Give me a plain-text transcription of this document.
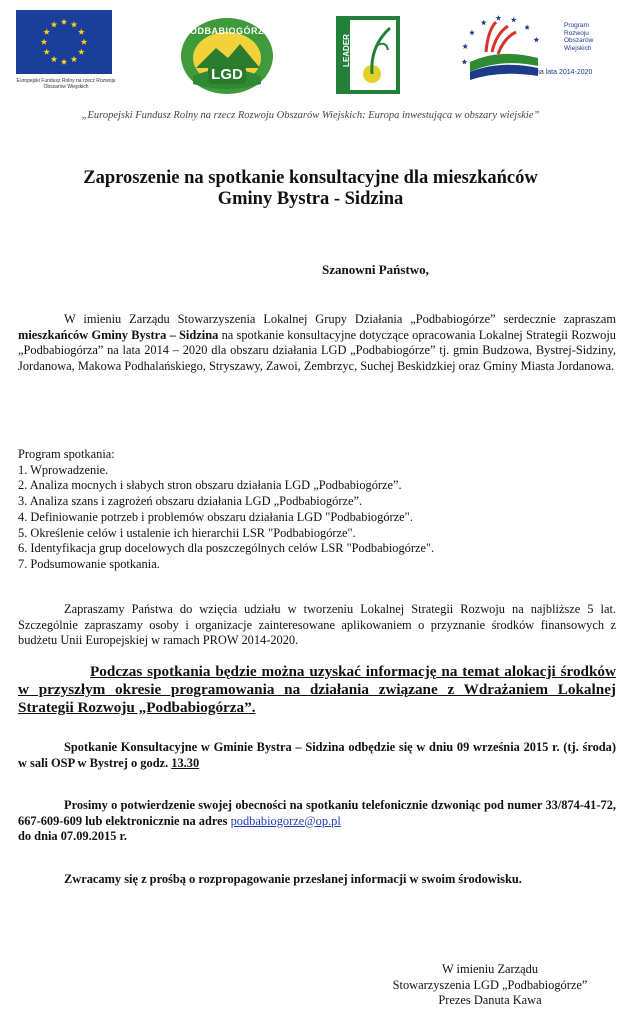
Europejski Fundusz Rolny na rzecz Rozwoju Obszarów Wiejskich
PODBABIOGÓRZE
LGD
LEADER
Program
Rozwoju
Obszarów
Wiejskich
na lata 2014-2020
„Europejski Fundusz Rolny na rzecz Rozwoju Obszarów Wiejskich: Europa inwestująca w obszary wiejskie”
Zaproszenie na spotkanie konsultacyjne dla mieszkańców
Gminy Bystra - Sidzina
Szanowni Państwo,
W imieniu Zarządu Stowarzyszenia Lokalnej Grupy Działania „Podbabiogórze” serdecznie zapraszam mieszkańców Gminy Bystra – Sidzina na spotkanie konsultacyjne dotyczące opracowania Lokalnej Strategii Rozwoju „Podbabiogórza” na lata 2014 – 2020 dla obszaru działania LGD „Podbabiogórze” tj. gmin Budzowa, Bystrej-Sidziny, Jordanowa, Makowa Podhalańskiego, Stryszawy, Zawoi, Zembrzyc, Suchej Beskidzkiej oraz Gminy Miasta Jordanowa.
Program spotkania:
1. Wprowadzenie.
2. Analiza mocnych i słabych stron obszaru działania LGD „Podbabiogórze”.
3. Analiza szans i zagrożeń obszaru działania LGD „Podbabiogórze”.
4. Definiowanie potrzeb i problemów obszaru działania LGD "Podbabiogórze".
5. Określenie celów i ustalenie ich hierarchii LSR "Podbabiogórze".
6. Identyfikacja grup docelowych dla poszczególnych celów LSR "Podbabiogórze".
7. Podsumowanie spotkania.
Zapraszamy Państwa do wzięcia udziału w tworzeniu Lokalnej Strategii Rozwoju na najbliższe 5 lat. Szczególnie zapraszamy osoby i organizacje zainteresowane aplikowaniem o przyznanie środków finansowych z budżetu Unii Europejskiej w ramach PROW 2014-2020.
Podczas spotkania będzie można uzyskać informację na temat alokacji środków w przyszłym okresie programowania na działania związane z Wdrażaniem Lokalnej Strategii Rozwoju „Podbabiogórza”.
Spotkanie Konsultacyjne w Gminie Bystra – Sidzina odbędzie się w dniu 09 września 2015 r. (tj. środa) w sali OSP w Bystrej o godz. 13.30
Prosimy o potwierdzenie swojej obecności na spotkaniu telefonicznie dzwoniąc pod numer 33/874-41-72, 667-609-609 lub elektronicznie na adres podbabiogorze@op.pl
do dnia 07.09.2015 r.
Zwracamy się z prośbą o rozpropagowanie przesłanej informacji w swoim środowisku.
W imieniu Zarządu
Stowarzyszenia LGD „Podbabiogórze”
Prezes Danuta Kawa
